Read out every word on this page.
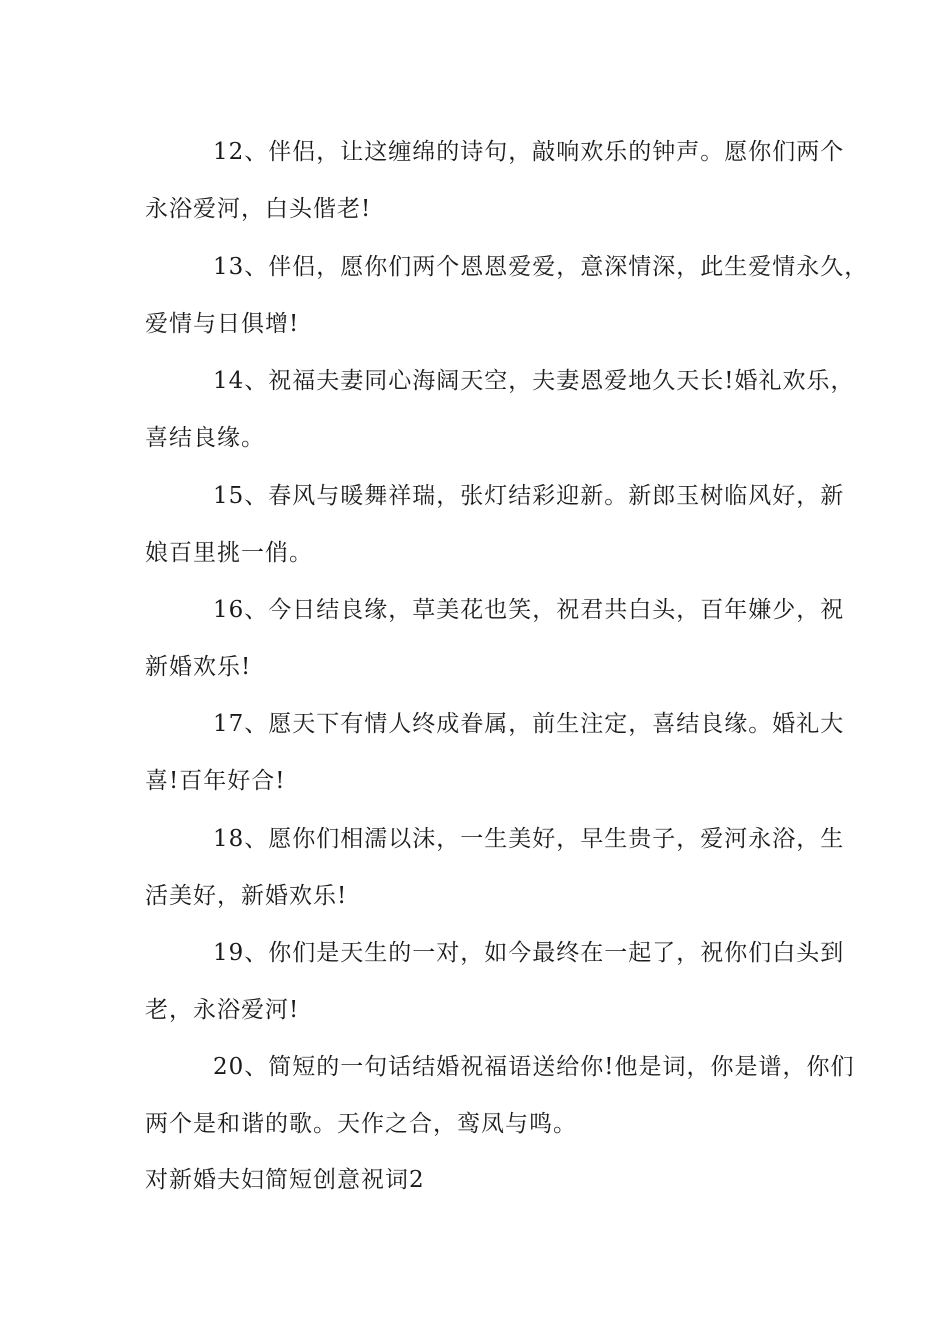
12、伴侣，让这缠绵的诗句，敲响欢乐的钟声。愿你们两个
永浴爱河，白头偕老!

13、伴侣，愿你们两个恩恩爱爱，意深情深，此生爱情永久，
爱情与日俱增!

14、祝福夫妻同心海阔天空，夫妻恩爱地久天长!婚礼欢乐，
喜结良缘。

15、春风与暖舞祥瑞，张灯结彩迎新。新郎玉树临风好，新
娘百里挑一俏。

16、今日结良缘，草美花也笑，祝君共白头，百年嫌少，祝
新婚欢乐!

17、愿天下有情人终成眷属，前生注定，喜结良缘。婚礼大
喜!百年好合!

18、愿你们相濡以沫，一生美好，早生贵子，爱河永浴，生
活美好，新婚欢乐!

19、你们是天生的一对，如今最终在一起了，祝你们白头到
老，永浴爱河!

20、简短的一句话结婚祝福语送给你!他是词，你是谱，你们
两个是和谐的歌。天作之合，鸾凤与鸣。

对新婚夫妇简短创意祝词2
